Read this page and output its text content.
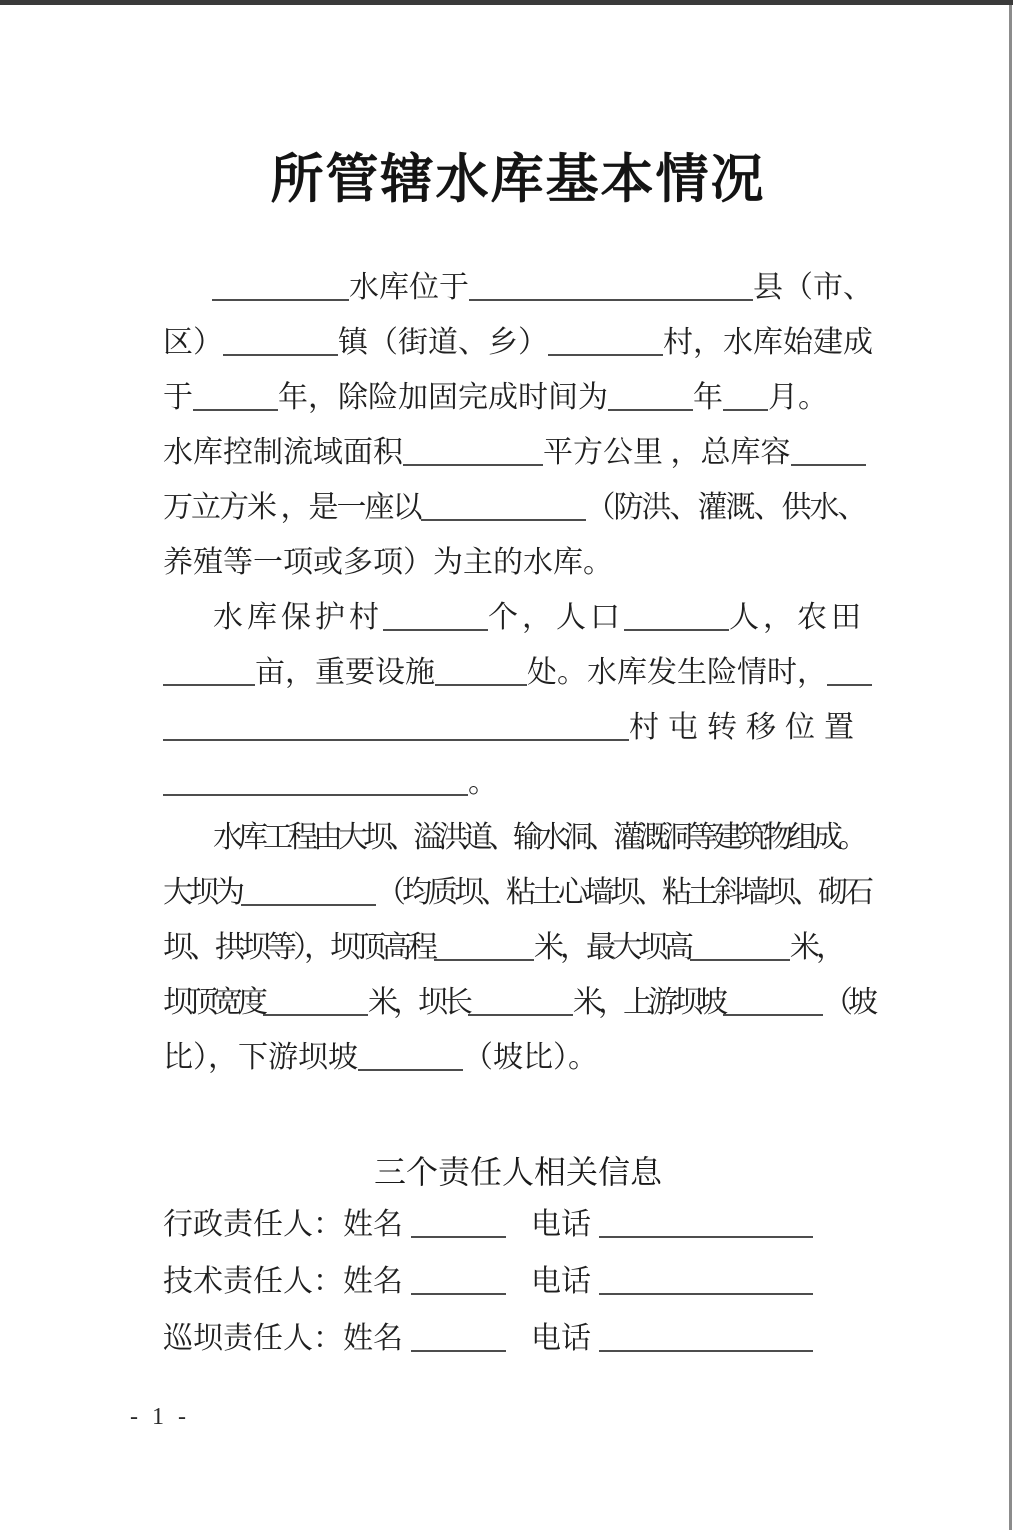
所管辖水库基本情况
水库位于	县（市、
区）	镇（街道、乡）	村，水库始建成
于	年，除险加固完成时间为	年 月。
水库控制流域面积	平方公里 ，总库容
万立方米 ，是一座以	（防洪、灌溉、供水、
养殖等一项或多项）为主的水库。
水库保护村	个，人口	人，农田
亩，重要设施	处。水库发生险情时，
村屯转移位置
。
水库工程由大坝、溢洪道、输水洞、灌溉洞等建筑物组成。
大坝为	（均质坝、粘土心墙坝、粘土斜墙坝、砌石
坝、拱坝等），坝顶高程	米，最大坝高	米，
坝顶宽度	米，坝长	米，上游坝坡	（坡
比），下游坝坡	（坡比）。
三个责任人相关信息
行政责任人：姓名	电话
技术责任人：姓名	电话
巡坝责任人：姓名	电话
- 1 -
